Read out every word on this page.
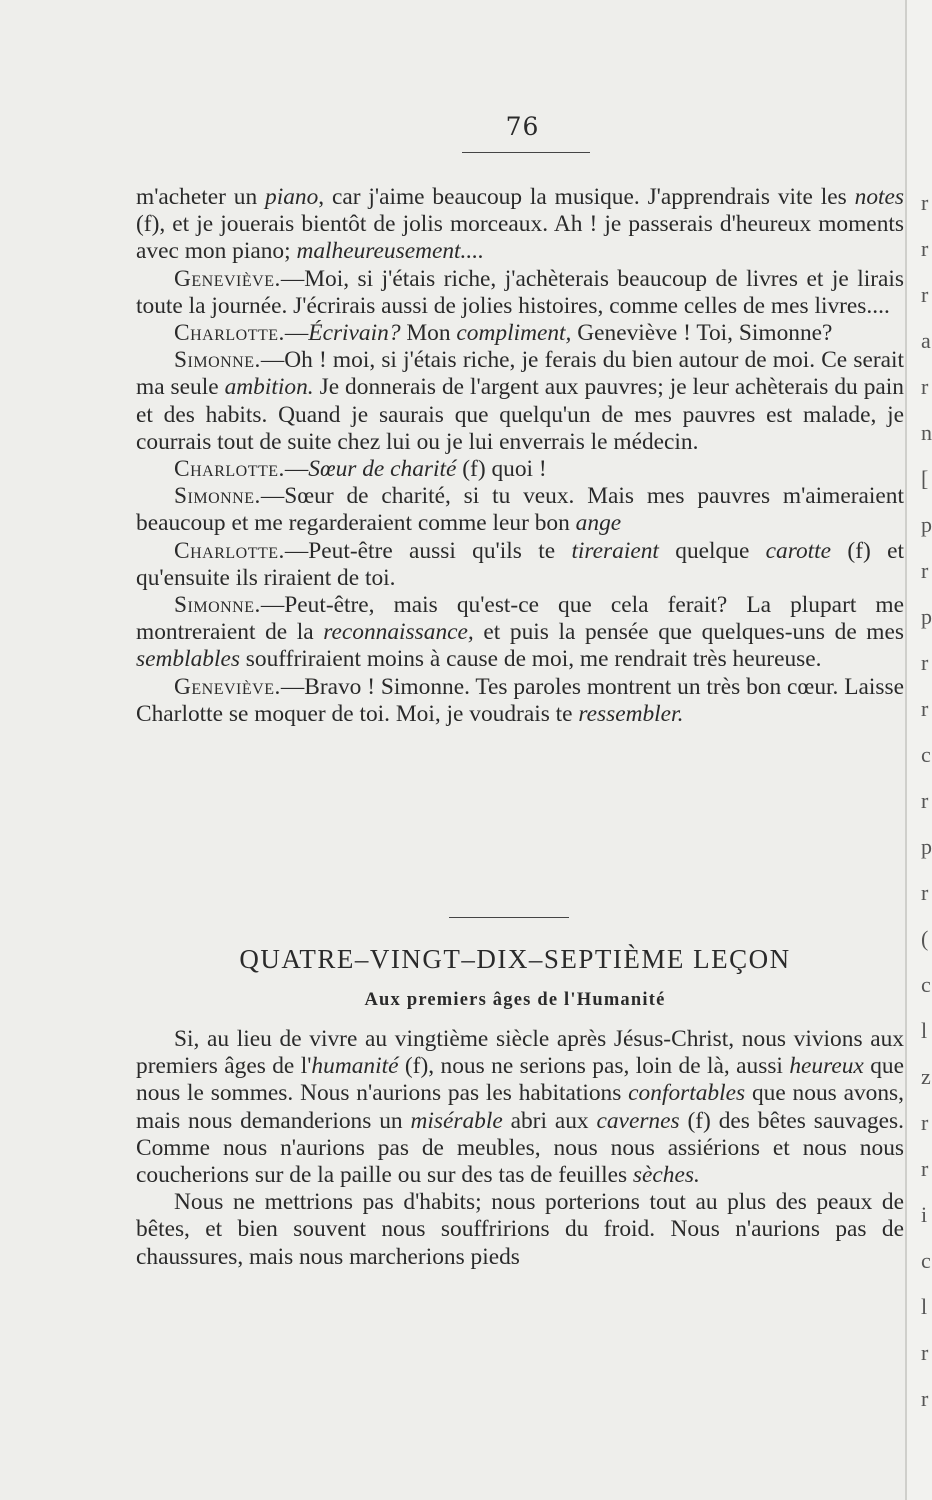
76

m'acheter un piano, car j'aime beaucoup la musique. J'apprendrais vite les notes (f), et je jouerais bientôt de jolis morceaux. Ah ! je passerais d'heureux moments avec mon piano; malheureusement....

Geneviève.—Moi, si j'étais riche, j'achèterais beaucoup de livres et je lirais toute la journée. J'écrirais aussi de jolies histoires, comme celles de mes livres....

Charlotte.—Écrivain? Mon compliment, Geneviève ! Toi, Simonne?

Simonne.—Oh ! moi, si j'étais riche, je ferais du bien autour de moi. Ce serait ma seule ambition. Je donnerais de l'argent aux pauvres; je leur achèterais du pain et des habits. Quand je saurais que quelqu'un de mes pauvres est malade, je courrais tout de suite chez lui ou je lui enverrais le médecin.

Charlotte.—Sœur de charité (f) quoi !

Simonne.—Sœur de charité, si tu veux. Mais mes pauvres m'aimeraient beaucoup et me regarderaient comme leur bon ange

Charlotte.—Peut-être aussi qu'ils te tireraient quelque carotte (f) et qu'ensuite ils riraient de toi.

Simonne.—Peut-être, mais qu'est-ce que cela ferait? La plupart me montreraient de la reconnaissance, et puis la pensée que quelques-uns de mes semblables souffriraient moins à cause de moi, me rendrait très heureuse.

Geneviève.—Bravo ! Simonne. Tes paroles montrent un très bon cœur. Laisse Charlotte se moquer de toi. Moi, je voudrais te ressembler.

QUATRE–VINGT–DIX–SEPTIÈME LEÇON
Aux premiers âges de l'Humanité

Si, au lieu de vivre au vingtième siècle après Jésus-Christ, nous vivions aux premiers âges de l'humanité (f), nous ne serions pas, loin de là, aussi heureux que nous le sommes. Nous n'aurions pas les habitations confortables que nous avons, mais nous demanderions un misérable abri aux cavernes (f) des bêtes sauvages. Comme nous n'aurions pas de meubles, nous nous assiérions et nous nous coucherions sur de la paille ou sur des tas de feuilles sèches.

Nous ne mettrions pas d'habits; nous porterions tout au plus des peaux de bêtes, et bien souvent nous souffririons du froid. Nous n'aurions pas de chaussures, mais nous marcherions pieds

r
r
r
a
r
n
[
p
r
p
r
r
c
r
p
r
(
c
l
z
r
r
i
c
l
r
r
